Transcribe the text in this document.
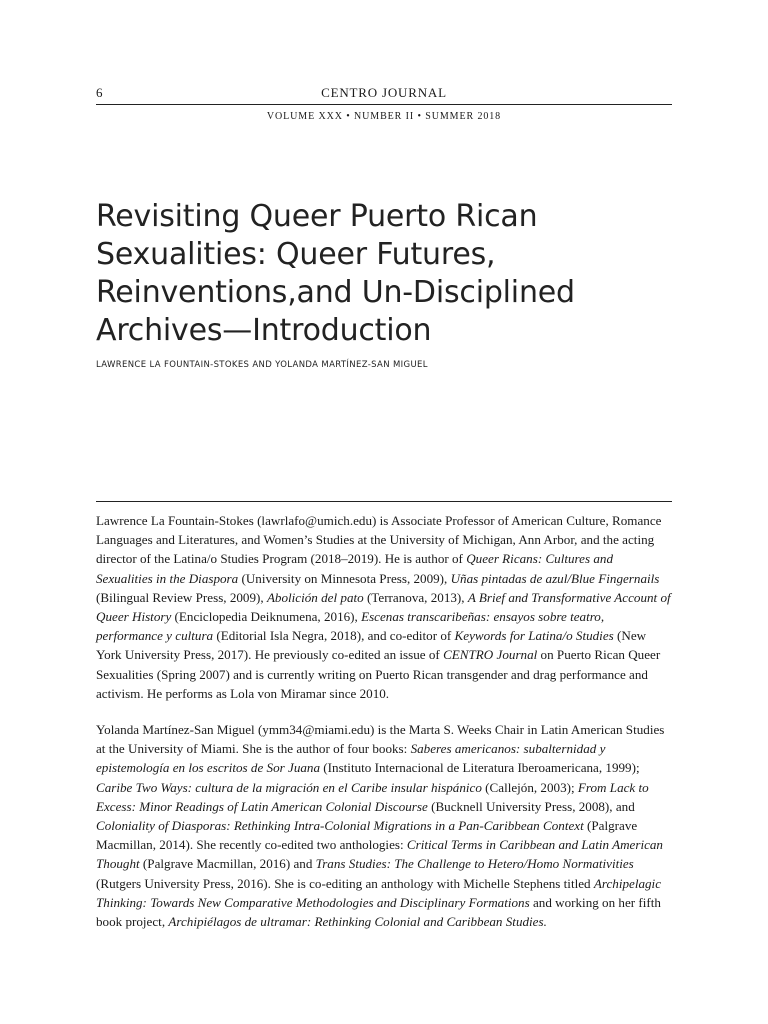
6	CENTRO JOURNAL
VOLUME XXX • NUMBER II • SUMMER 2018
Revisiting Queer Puerto Rican
Sexualities: Queer Futures,
Reinventions,and Un-Disciplined
Archives—Introduction
LAWRENCE LA FOUNTAIN-STOKES AND YOLANDA MARTÍNEZ-SAN MIGUEL

Lawrence La Fountain-Stokes (lawrlafo@umich.edu) is Associate Professor of American Culture, Romance Languages and Literatures, and Women’s Studies at the University of Michigan, Ann Arbor, and the acting director of the Latina/o Studies Program (2018–2019). He is author of Queer Ricans: Cultures and Sexualities in the Diaspora (University on Minnesota Press, 2009), Uñas pintadas de azul/Blue Fingernails (Bilingual Review Press, 2009), Abolición del pato (Terranova, 2013), A Brief and Transformative Account of Queer History (Enciclopedia Deiknumena, 2016), Escenas transcaribeñas: ensayos sobre teatro, performance y cultura (Editorial Isla Negra, 2018), and co-editor of Keywords for Latina/o Studies (New York University Press, 2017). He previously co-edited an issue of CENTRO Journal on Puerto Rican Queer Sexualities (Spring 2007) and is currently writing on Puerto Rican transgender and drag performance and activism. He performs as Lola von Miramar since 2010.

Yolanda Martínez-San Miguel (ymm34@miami.edu) is the Marta S. Weeks Chair in Latin American Studies at the University of Miami. She is the author of four books: Saberes americanos: subalternidad y epistemología en los escritos de Sor Juana (Instituto Internacional de Literatura Iberoamericana, 1999); Caribe Two Ways: cultura de la migración en el Caribe insular hispánico (Callejón, 2003); From Lack to Excess: Minor Readings of Latin American Colonial Discourse (Bucknell University Press, 2008), and Coloniality of Diasporas: Rethinking Intra-Colonial Migrations in a Pan-Caribbean Context (Palgrave Macmillan, 2014). She recently co-edited two anthologies: Critical Terms in Caribbean and Latin American Thought (Palgrave Macmillan, 2016) and Trans Studies: The Challenge to Hetero/Homo Normativities (Rutgers University Press, 2016). She is co-editing an anthology with Michelle Stephens titled Archipelagic Thinking: Towards New Comparative Methodologies and Disciplinary Formations and working on her fifth book project, Archipiélagos de ultramar: Rethinking Colonial and Caribbean Studies.
